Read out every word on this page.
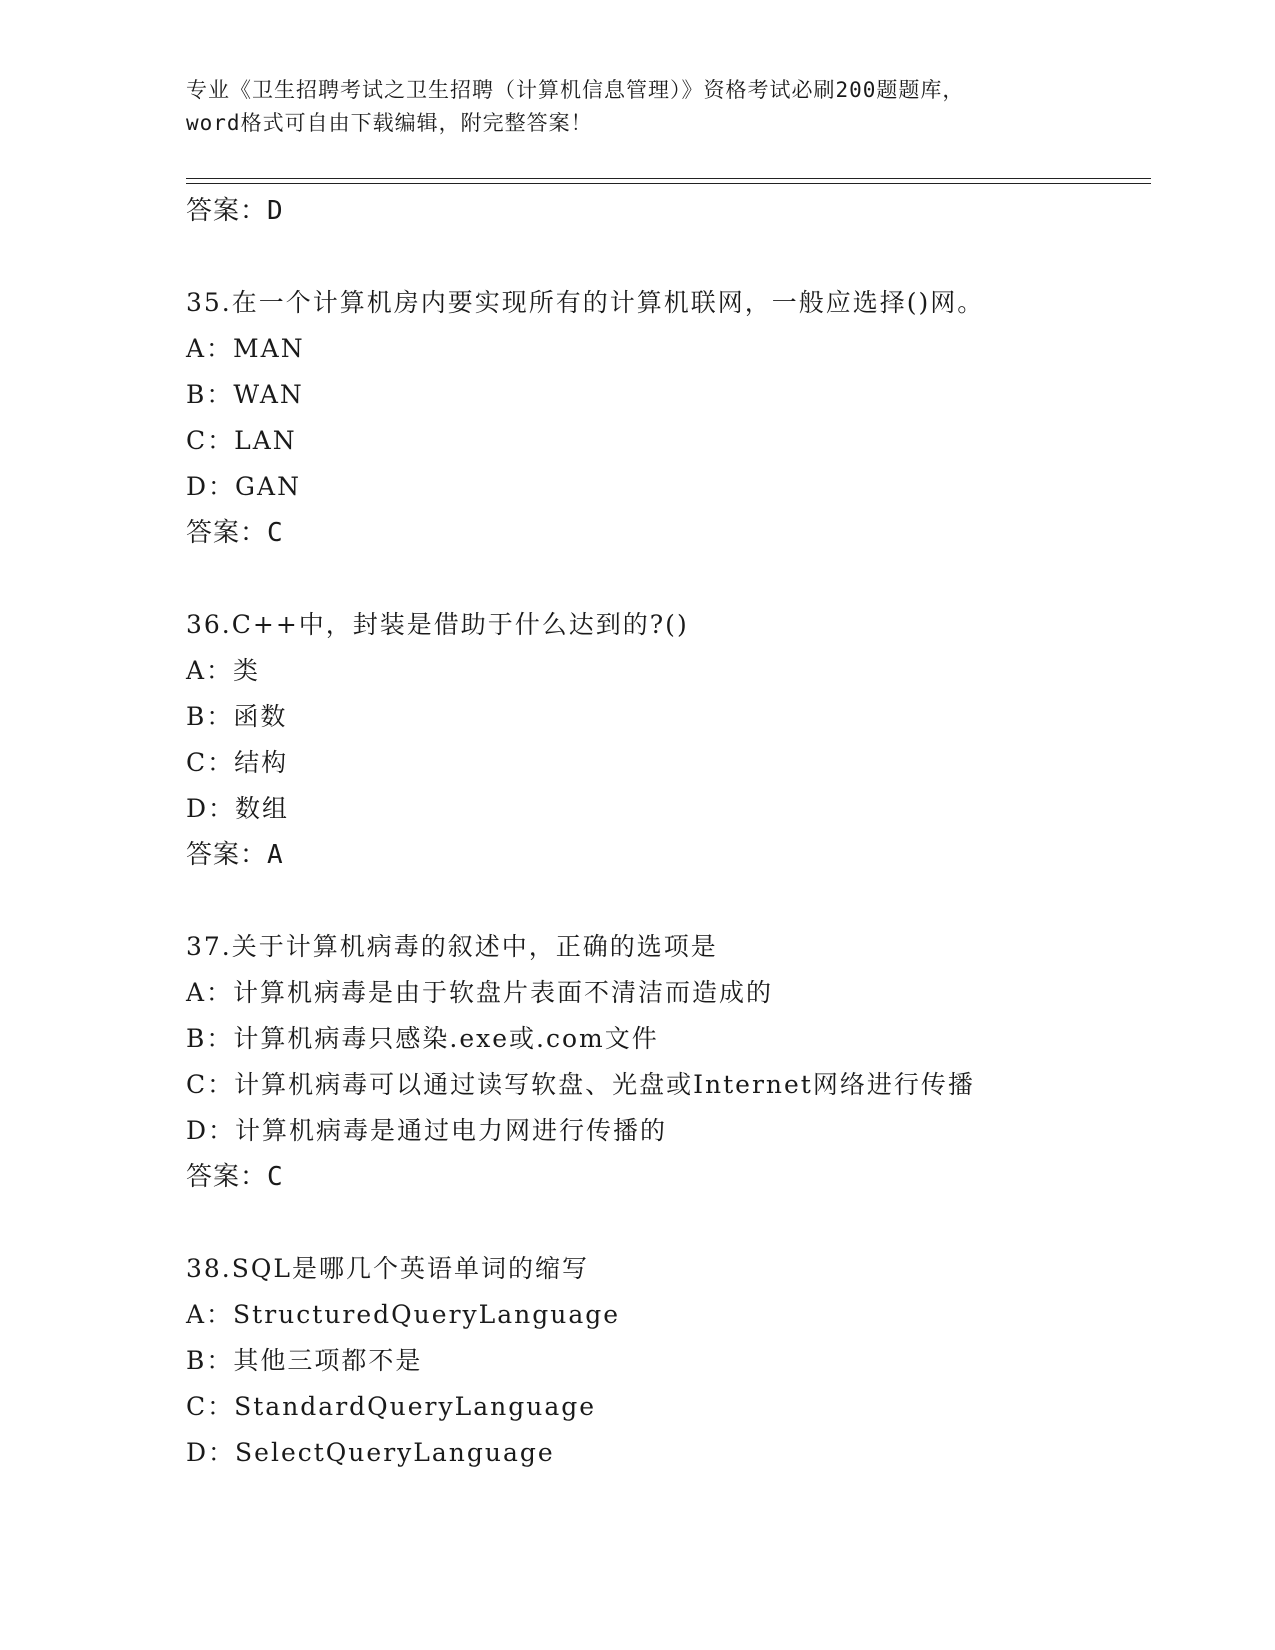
专业《卫生招聘考试之卫生招聘（计算机信息管理）》资格考试必刷200题题库，
word格式可自由下载编辑，附完整答案！
答案：D
35.在一个计算机房内要实现所有的计算机联网，一般应选择()网。
A：MAN
B：WAN
C：LAN
D：GAN
答案：C
36.C++中，封装是借助于什么达到的?()
A：类
B：函数
C：结构
D：数组
答案：A
37.关于计算机病毒的叙述中，正确的选项是
A：计算机病毒是由于软盘片表面不清洁而造成的
B：计算机病毒只感染.exe或.com文件
C：计算机病毒可以通过读写软盘、光盘或Internet网络进行传播
D：计算机病毒是通过电力网进行传播的
答案：C
38.SQL是哪几个英语单词的缩写
A：StructuredQueryLanguage
B：其他三项都不是
C：StandardQueryLanguage
D：SelectQueryLanguage
